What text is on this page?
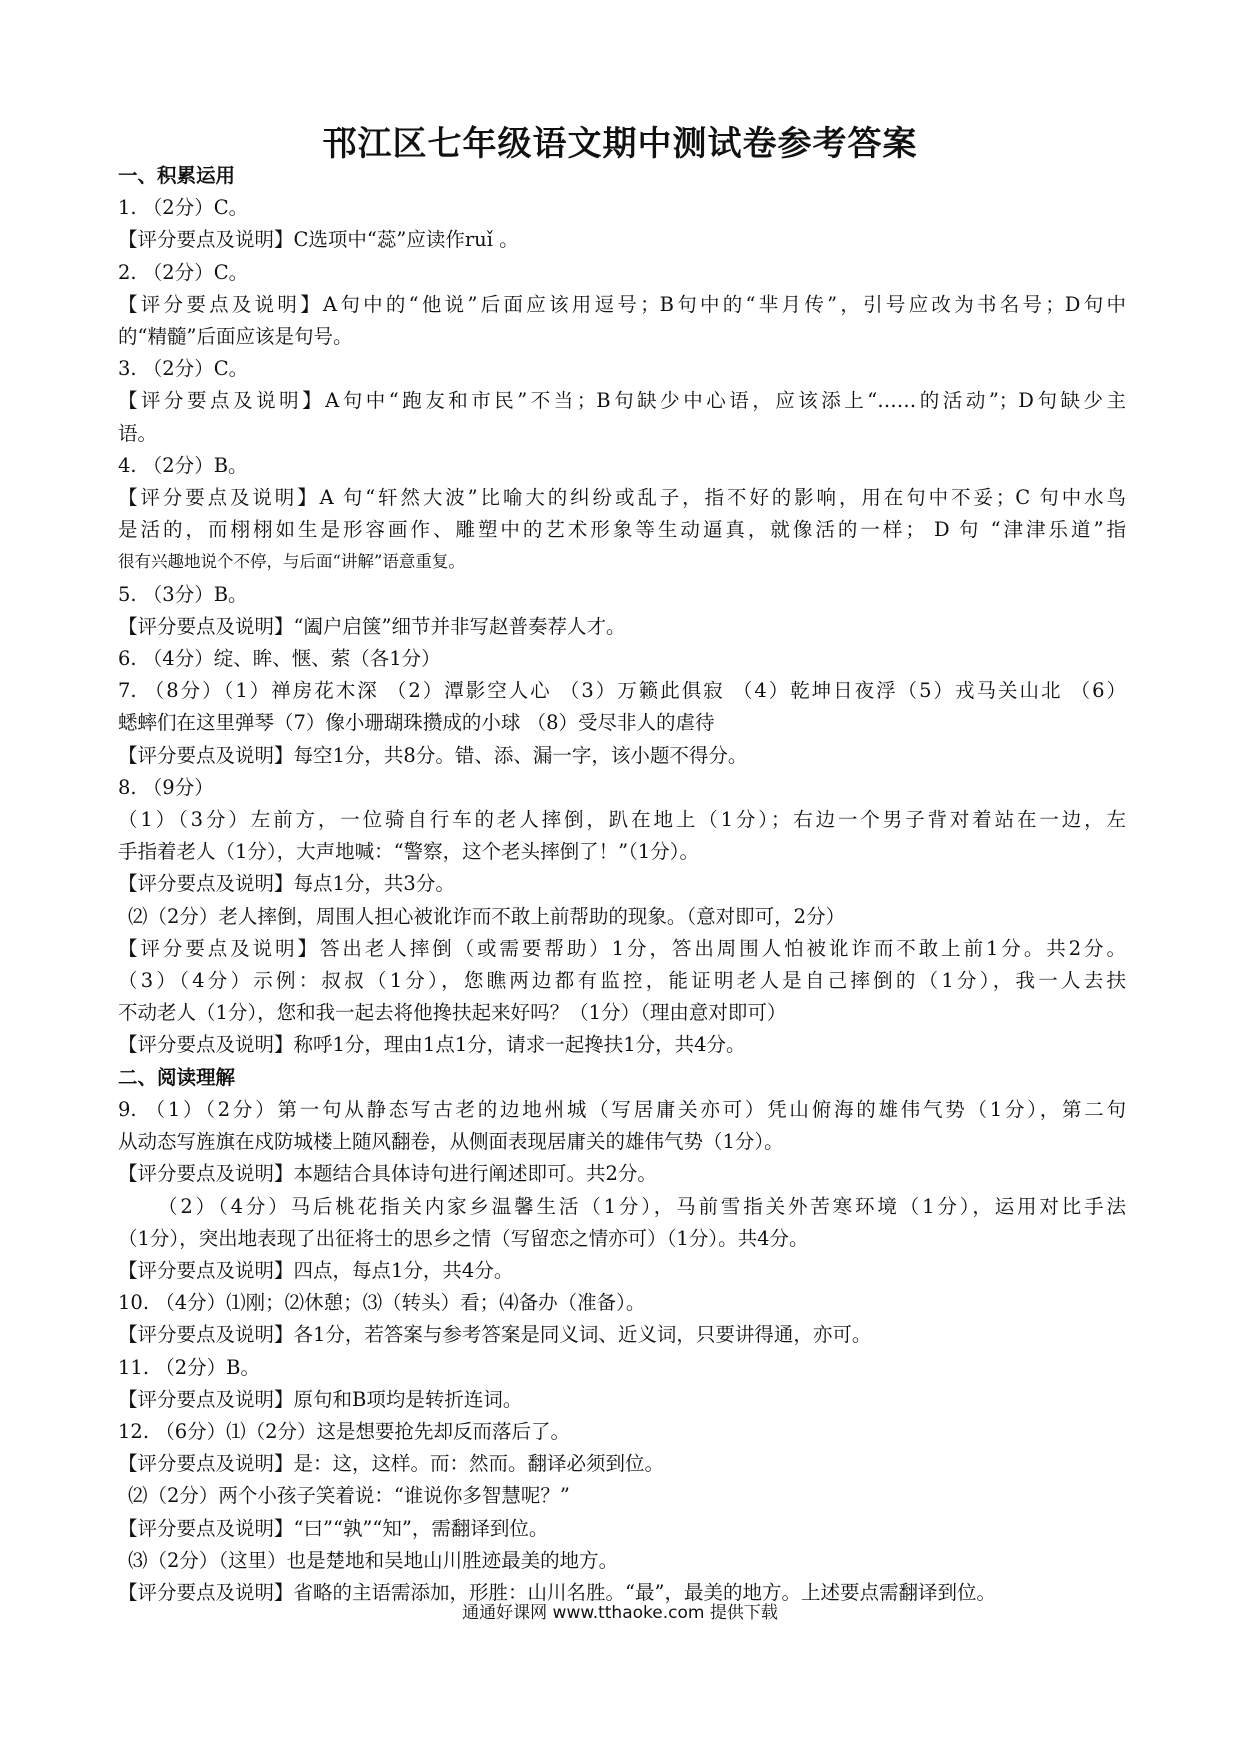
邗江区七年级语文期中测试卷参考答案
一、积累运用
1. （2分）C。
【评分要点及说明】C选项中“蕊”应读作ruǐ 。
2. （2分）C。
【评分要点及说明】A句中的“他说”后面应该用逗号；B句中的“芈月传”，引号应改为书名号；D句中
的“精髓”后面应该是句号。
3. （2分）C。
【评分要点及说明】A句中“跑友和市民”不当；B句缺少中心语，应该添上“……的活动”；D句缺少主
语。
4. （2分）B。
【评分要点及说明】A 句“轩然大波”比喻大的纠纷或乱子，指不好的影响，用在句中不妥；C 句中水鸟
是活的，而栩栩如生是形容画作、雕塑中的艺术形象等生动逼真，就像活的一样； D 句 “津津乐道”指
很有兴趣地说个不停，与后面“讲解”语意重复。
5. （3分）B。
【评分要点及说明】“阖户启箧”细节并非写赵普奏荐人才。
6. （4分）绽、眸、惬、萦（各1分）
7. （8分）（1）禅房花木深 （2）潭影空人心 （3）万籁此俱寂 （4）乾坤日夜浮（5）戎马关山北 （6）
蟋蟀们在这里弹琴（7）像小珊瑚珠攒成的小球 （8）受尽非人的虐待
【评分要点及说明】每空1分，共8分。错、添、漏一字，该小题不得分。
8. （9分）
（1）（3分）左前方，一位骑自行车的老人摔倒，趴在地上（1分）；右边一个男子背对着站在一边，左
手指着老人（1分），大声地喊：“警察，这个老头摔倒了！”（1分）。
【评分要点及说明】每点1分，共3分。
⑵（2分）老人摔倒，周围人担心被讹诈而不敢上前帮助的现象。（意对即可，2分）
【评分要点及说明】答出老人摔倒（或需要帮助）1分，答出周围人怕被讹诈而不敢上前1分。共2分。
（3）（4分）示例：叔叔（1分），您瞧两边都有监控，能证明老人是自己摔倒的（1分），我一人去扶
不动老人（1分），您和我一起去将他搀扶起来好吗？（1分）（理由意对即可）
【评分要点及说明】称呼1分，理由1点1分，请求一起搀扶1分，共4分。
二、阅读理解
9. （1）（2分）第一句从静态写古老的边地州城（写居庸关亦可）凭山俯海的雄伟气势（1分），第二句
从动态写旌旗在戍防城楼上随风翻卷，从侧面表现居庸关的雄伟气势（1分）。
【评分要点及说明】本题结合具体诗句进行阐述即可。共2分。
（2）（4分）马后桃花指关内家乡温馨生活（1分），马前雪指关外苦寒环境（1分），运用对比手法
（1分），突出地表现了出征将士的思乡之情（写留恋之情亦可）（1分）。共4分。
【评分要点及说明】四点，每点1分，共4分。
10. （4分）⑴刚；⑵休憩；⑶（转头）看；⑷备办（准备）。
【评分要点及说明】各1分，若答案与参考答案是同义词、近义词，只要讲得通，亦可。
11. （2分）B。
【评分要点及说明】原句和B项均是转折连词。
12. （6分）⑴（2分）这是想要抢先却反而落后了。
【评分要点及说明】是：这，这样。而：然而。翻译必须到位。
⑵（2分）两个小孩子笑着说：“谁说你多智慧呢？”
【评分要点及说明】“曰”“孰”“知”，需翻译到位。
⑶（2分）（这里）也是楚地和吴地山川胜迹最美的地方。
【评分要点及说明】省略的主语需添加，形胜：山川名胜。“最”，最美的地方。上述要点需翻译到位。
通通好课网 www.tthaoke.com 提供下载
